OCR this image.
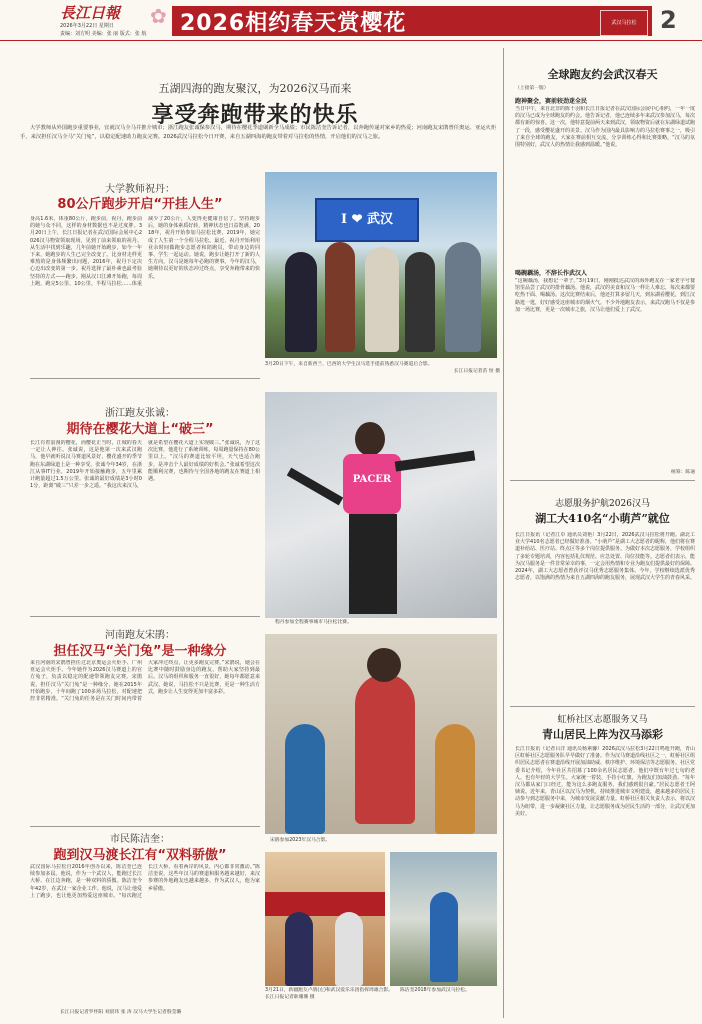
長江日報
2026年3月22日 星期日
责编：刘方明 美编：张 丽 版式：张 航
✿ 2026相约春天赏樱花	武汉马拉松 2
五湖四海的跑友聚汉，为2026汉马而来
享受奔跑带来的快乐
大学教师从外国跑步重要事业，宜就汉马全马并推介城市；浙江跑友张诚保参汉马，期待在樱花季道刷新全马成绩；市民陈洁奎告诉记者，以奔跑传递对家乡的热爱；河南跑友宋鹃曾任奥运、亚运火炬手，来汉担任汉马全马“关门兔”，以稳定配速助力跑友完赛。2026武汉马拉松今日开赛，来自五湖四海的跑友带着对马拉松的热情，开启他们的汉马之旅。
大学教师祝丹：
80公斤跑步开启“开挂人生”
身高1.6米、体重80公斤，跑步前，祝丹，跑步前的她与众不同，这样的身材数据也不是过度胖。3月20日上午，长江日报记者在武汉国际会展中心2026汉马物资领取现场，见到了前来领取的祝丹。从生活中找到乐趣，几年前她开始跑步，如今一年下来，她跑步的人生已完全改变了。比身材走样更难熬的是身体频繁出问题，2016年，祝丹下定决心迈出改变的第一步。祝丹选择了最朴素也最考验坚持的方式——跑步。刚从汉口江滩开始跑，每周上跑，跑完5公里、10公里、半程马拉松……体重减少了20公斤，人变得更健康自信了。坚持跑步后，她的身体素质好转，精神状态也日益饱满。2018年，祝丹开始参加马拉松比赛，2019年，她完成了人生第一个全程马拉松。最近，祝丹开始利用业余时间做跑步志愿者和陪跑员，带动身边的同事、学生一起运动。她说，跑步让她打开了新的人生方向，汉马是她每年必跑的赛事。今年的汉马，她期待以更好的状态冲过终点，享受奔跑带来的快乐。
I ❤ 武汉
3月20日下午，来自新西兰、巴西的大学生汉马选手提前熟悉汉马赛道后合影。
长江日报记者苗 恒 摄
浙江跑友张诚：
期待在樱花大道上“破三”
长江有着浪漫的樱花，而樱花正当时，江城的春天一定让人神往。张诚说，这是他第一次来武汉跑马，他早就听说汉马赛道风景好，樱花盛开的季节跑在东湖绿道上是一种享受。张诚今年34岁，在浙江从事IT行业，2019年开始接触跑步，五年里累计跑量超过1.5万公里。张诚的最好成绩是3小时01分，距离“破三”只差一步之遥。“我这次来汉马，就是希望在樱花大道上实现破三。”张诚说，为了这次比赛，他进行了系统训练，每周跑量保持在80公里以上。“汉马的赛道比较平坦，天气也适合跑步，是冲击个人最好成绩的好机会。”张诚希望这次能顺利完赛，也期待与全国各地的跑友在赛道上相遇。	PACER
程丹参加全程赛事城市马拉松比赛。
河南跑友宋鹃：
担任汉马“关门兔”是一种缘分
来自河南的宋鹃曾担任过北京奥运会火炬手、广州亚运会火炬手。今年她作为2026汉马赛道上的官方兔子，负责以稳定的配速带领跑友完赛。宋鹃说，担任汉马“关门兔”是一种缘分，她在2015年开始跑步，十年间跑了100多场马拉松，对配速把控非常精准。“关门兔的任务是在关门时间内带着大家冲过终点，让更多跑友完赛。”宋鹃说，她会在比赛中随时鼓励身边的跑友，帮助大家坚持到最后。汉马的组织和服务一直很好，她每年都愿意来武汉。她说，马拉松不只是比赛，更是一种生活方式，跑步让人生变得更加丰富多彩。
宋鹃参加2023年汉马合影。
3月21日，新疆跑友卢鹃(左)和武汉爱乐乐团指挥周雄合影。 长江日报记者耿珊珊 摄
陈洁奎2018年参加武汉马拉松。
市民陈洁奎：
跑到汉马渡长江有“双料骄傲”
武汉国际马拉松自2016年创办以来，陈洁奎已连续参加多届。他说，作为一个武汉人，能跑过长江大桥、在江边奔跑，是一种双料的骄傲。陈洁奎今年42岁，在武汉一家企业工作。他说，汉马让他爱上了跑步，也让他更加热爱这座城市。“每次跑过长江大桥，看着两岸的风景，内心都非常激动。”陈洁奎说，这些年汉马的赛道和服务越来越好，来汉参赛的外地跑友也越来越多，作为武汉人，他为家乡骄傲。
长江日报记者罗怀阳 刘晨玮 张 涛 汉马大学生记者殷莹璐
全球跑友约会武汉春天
（上接第一版）
跑神聚会，赛前较劲迷全民
当日中午，来自北非的陈千羽和长江日报记者在武汉国际会展中心相约，一年一度的汉马已成为全球跑友的约会。他告诉记者，他已连续多年来武汉参加汉马，每次都有新的惊喜。这一次，他特意提前两天来到武汉，领取物资后就在东湖绿道试跑了一段，感受樱花盛开的美景。汉马作为国内最具影响力的马拉松赛事之一，吸引了来自全球的跑友，大家在赛前相互交流，分享训练心得和比赛策略。“汉马的氛围特别好，武汉人的热情让我感到温暖。”他说。
喝碗藕汤，不辞长作武汉人
“这碗藕汤，我想记一辈子。”3月19日，刚刚抵达武汉的海外跑友在一家老字号餐馆里品尝了武汉的排骨藕汤。他说，武汉的美食和汉马一样让人难忘，每次来都要吃热干面、喝藕汤。这次比赛结束后，他还打算多留几天，到东湖看樱花，到江汉路逛一逛，好好感受这座城市的烟火气。不少外地跑友表示，来武汉跑马不仅是参加一场比赛，更是一次城市之旅，汉马让他们爱上了武汉。
统筹：陈通
志愿服务护航2026汉马
湖工大410名“小萌芦”就位
长江日报讯（记者江卓 通讯员刘艳）3月22日，2026武汉马拉松将开跑。湖北工业大学410名志愿者已经做好准备。“小萌芦”是湖工大志愿者的昵称，他们将在赛道补给站、医疗站、终点区等多个岗位提供服务。为做好本次志愿服务，学校组织了多轮专题培训，内容包括礼仪规范、应急处置、岗位技能等。志愿者们表示，能为汉马服务是一件非常荣幸的事，一定会用热情和专业为跑友们提供最好的保障。2024年，湖工大志愿者曾获评汉马优秀志愿服务集体。今年，学校继续选派优秀志愿者，以饱满的热情为来自五湖四海的跑友服务，展现武汉大学生的青春风采。
虹桥社区志愿服务又马
青山居民上阵为汉马添彩
长江日报讯（记者吕洋 通讯员杨素馨）2026武汉马拉松3月22日鸣枪开跑，青山区虹桥社区志愿服务队早早做好了准备。作为汉马赛道沿线社区之一，虹桥社区组织居民志愿者在赛道沿线开展加油助威、秩序维护、环境保洁等志愿服务。社区党委书记介绍，今年社区共招募了100余名居民志愿者，他们中既有年过七旬的老人，也有年轻的大学生。大家统一着装，手持小红旗，为跑友们加油鼓劲。“每年汉马都从家门口经过，能为这么多跑友服务，我们感到很自豪。”居民志愿者王阿姨说。近年来，青山区以汉马为契机，持续推进城市文明建设，越来越多的居民主动参与到志愿服务中来，为城市发展贡献力量。虹桥社区相关负责人表示，将以汉马为纽带，进一步凝聚社区力量，让志愿服务成为居民生活的一部分，让武汉更加美好。
